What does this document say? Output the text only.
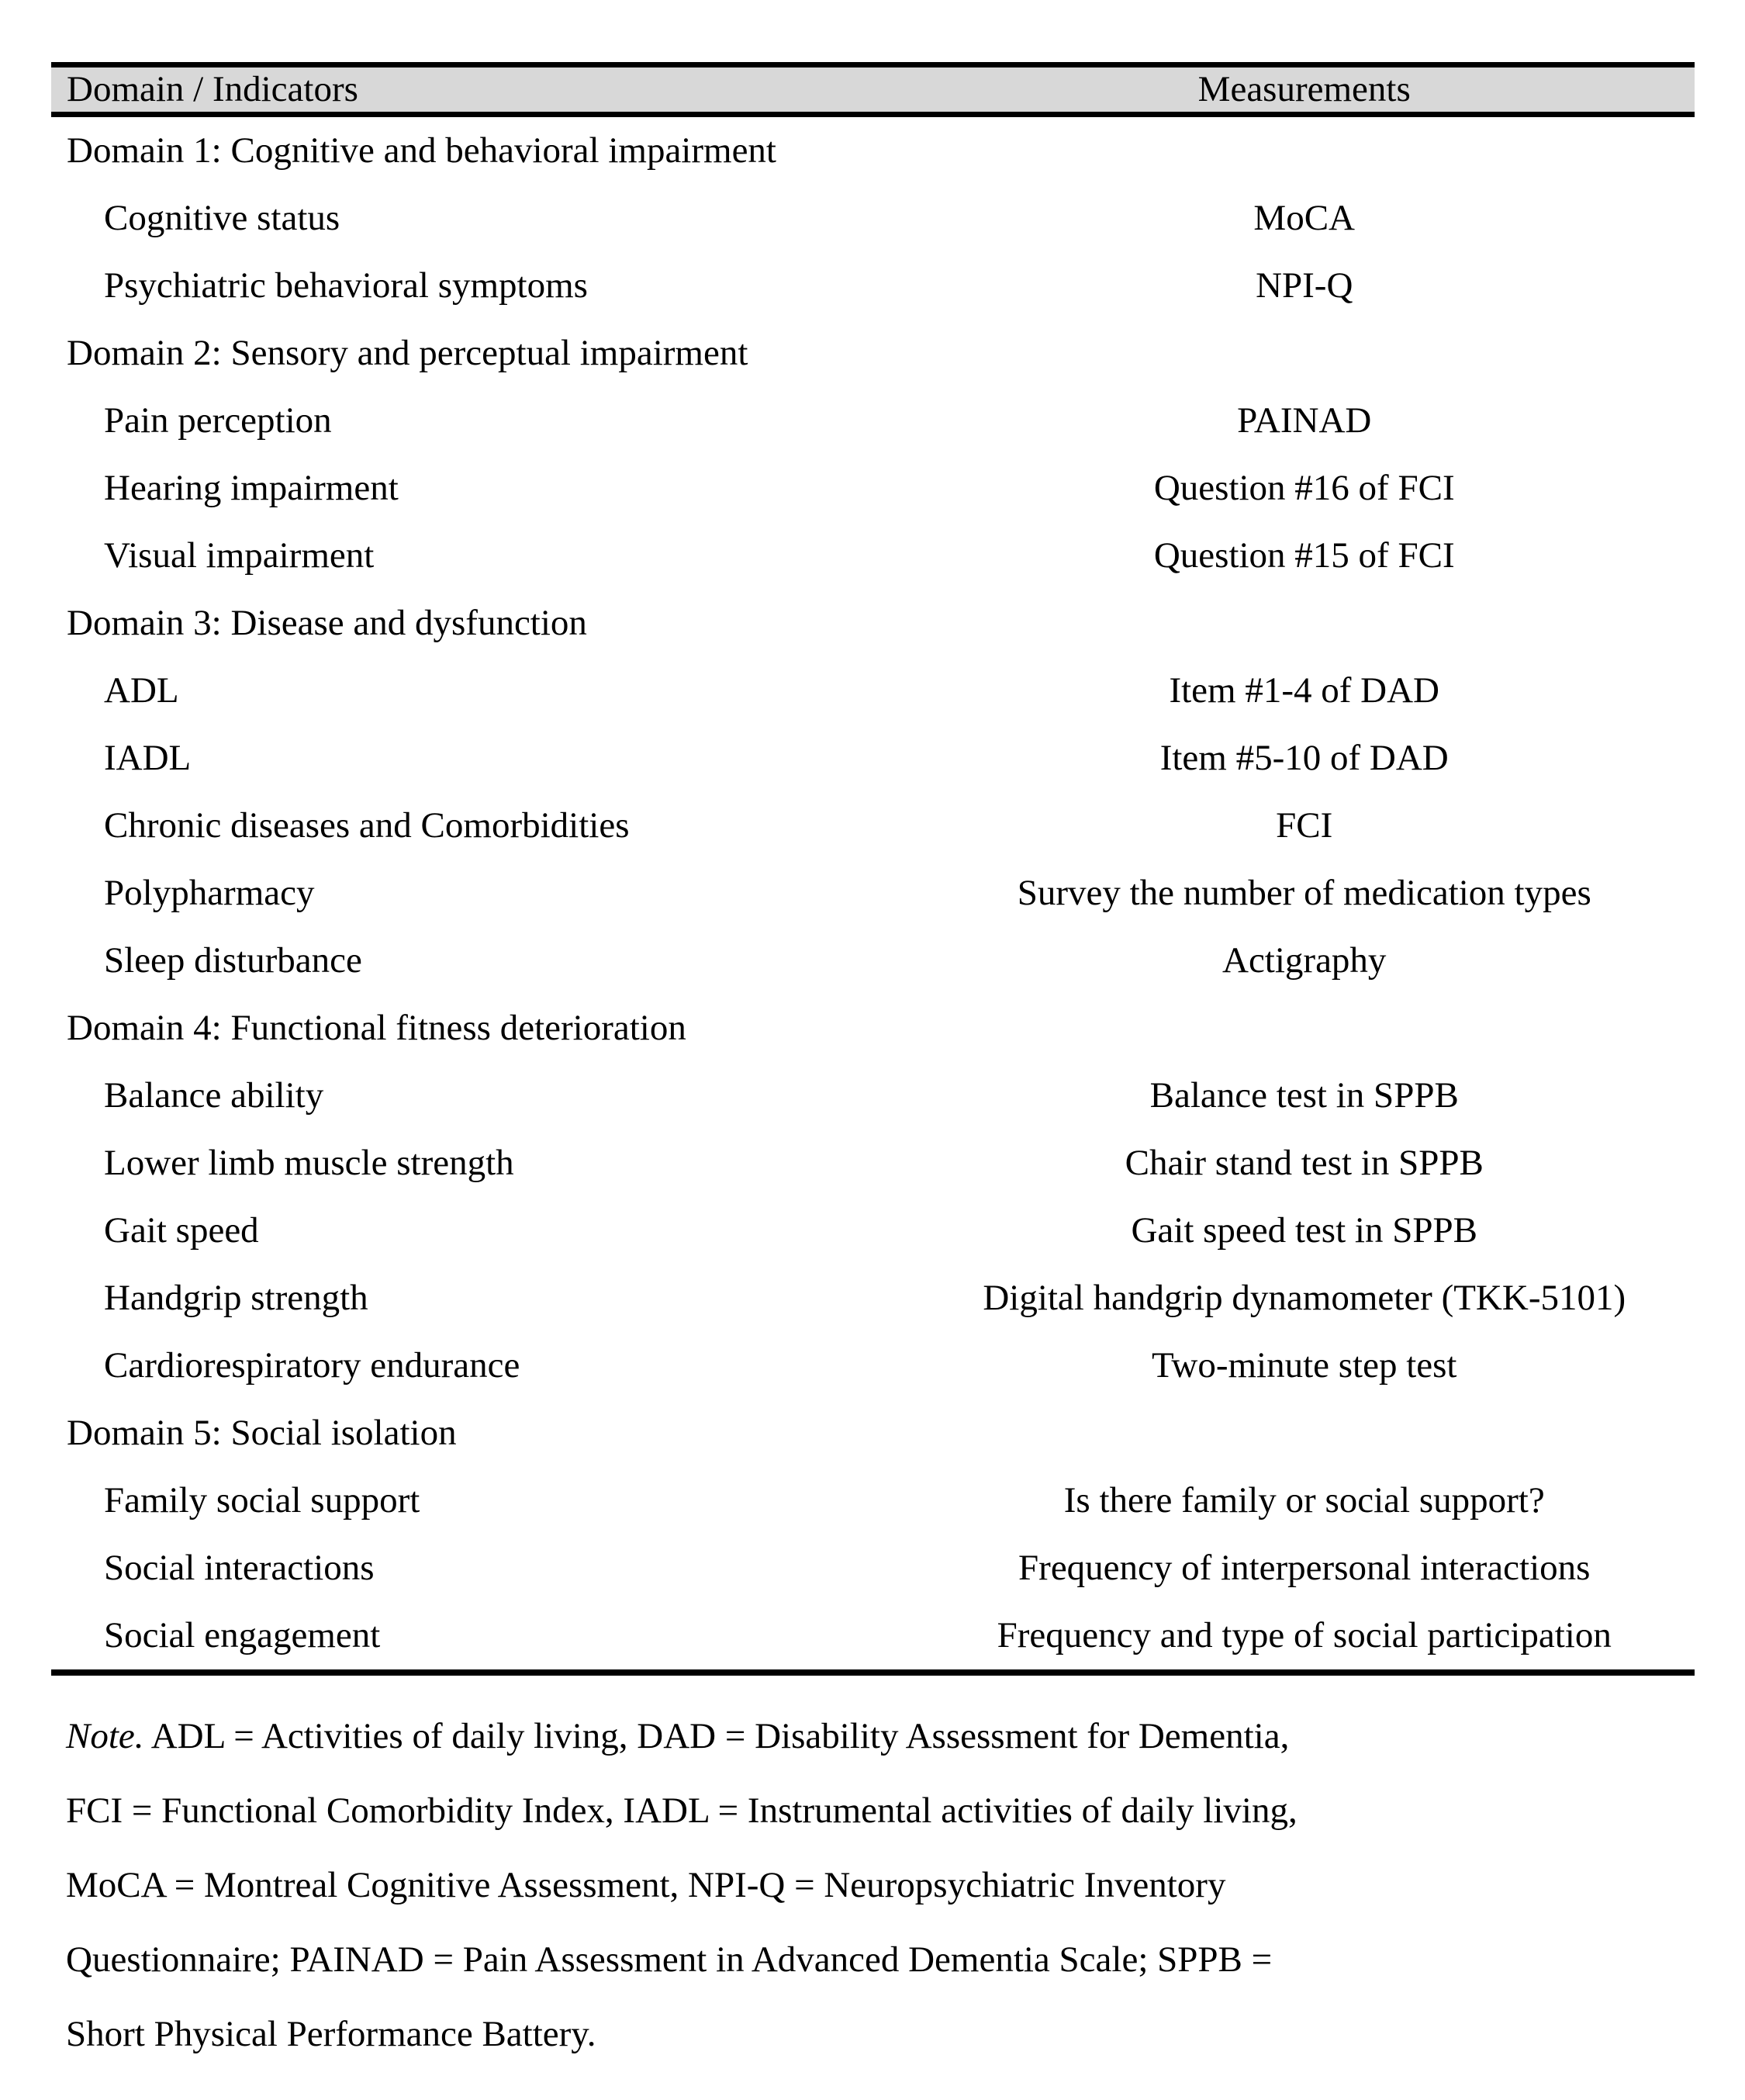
Domain / Indicators	Measurements
Domain 1: Cognitive and behavioral impairment
Cognitive status	MoCA
Psychiatric behavioral symptoms	NPI-Q
Domain 2: Sensory and perceptual impairment
Pain perception	PAINAD
Hearing impairment	Question #16 of FCI
Visual impairment	Question #15 of FCI
Domain 3: Disease and dysfunction
ADL	Item #1-4 of DAD
IADL	Item #5-10 of DAD
Chronic diseases and Comorbidities	FCI
Polypharmacy	Survey the number of medication types
Sleep disturbance	Actigraphy
Domain 4: Functional fitness deterioration
Balance ability	Balance test in SPPB
Lower limb muscle strength	Chair stand test in SPPB
Gait speed	Gait speed test in SPPB
Handgrip strength	Digital handgrip dynamometer (TKK-5101)
Cardiorespiratory endurance	Two-minute step test
Domain 5: Social isolation
Family social support	Is there family or social support?
Social interactions	Frequency of interpersonal interactions
Social engagement	Frequency and type of social participation
Note. ADL = Activities of daily living, DAD = Disability Assessment for Dementia,
FCI = Functional Comorbidity Index, IADL = Instrumental activities of daily living,
MoCA = Montreal Cognitive Assessment, NPI-Q = Neuropsychiatric Inventory
Questionnaire; PAINAD = Pain Assessment in Advanced Dementia Scale; SPPB =
Short Physical Performance Battery.
